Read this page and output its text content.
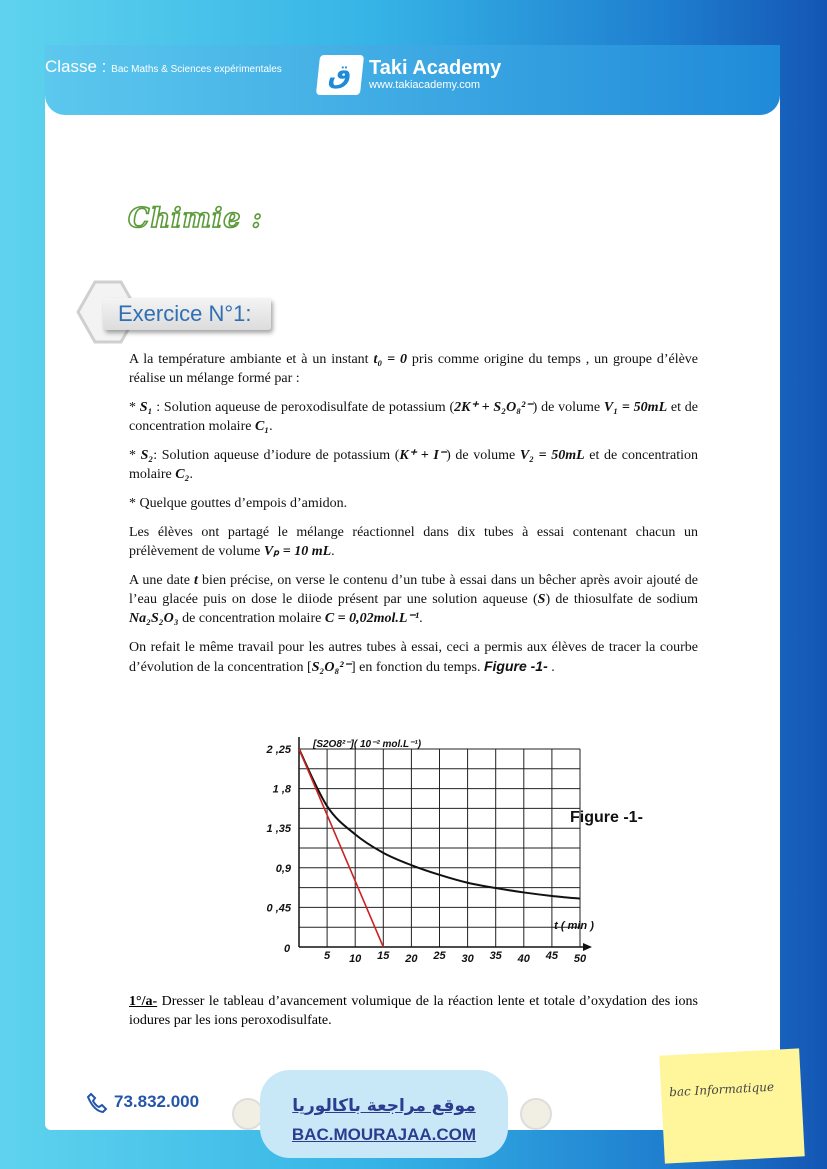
Classe : Bac Maths & Sciences expérimentales	ق Taki Academy
www.takiacademy.com
Chimie :
Exercice N°1:

A la température ambiante et à un instant t₀ = 0 pris comme origine du temps , un groupe d’élève réalise un mélange formé par :

* S₁ : Solution aqueuse de peroxodisulfate de potassium (2K⁺ + S₂O₈²⁻) de volume V₁ = 50mL et de concentration molaire C₁.

* S₂: Solution aqueuse d’iodure de potassium (K⁺ + I⁻) de volume V₂ = 50mL et de concentration molaire C₂.

* Quelque gouttes d’empois d’amidon.

Les élèves ont partagé le mélange réactionnel dans dix tubes à essai contenant chacun un prélèvement de volume Vₚ = 10 mL.

A une date t bien précise, on verse le contenu d’un tube à essai dans un bêcher après avoir ajouté de l’eau glacée puis on dose le diiode présent par une solution aqueuse (S) de thiosulfate de sodium Na₂S₂O₃ de concentration molaire C = 0,02mol.L⁻¹.

On refait le même travail pour les autres tubes à essai, ceci a permis aux élèves de tracer la courbe d’évolution de la concentration [S₂O₈²⁻] en fonction du temps. Figure -1- .

0
5 10 15 20 25 30 35 40 45 50
0 ,45
0,9
1 ,35
1 ,8
2 ,25 [S2O8²⁻]( 10⁻² mol.L⁻¹)
t ( min )
Figure -1-
1°/a- Dresser le tableau d’avancement volumique de la réaction lente et totale d’oxydation des ions iodures par les ions peroxodisulfate.
73.832.000	موقع مراجعة باكالوريا
BAC.MOURAJAA.COM
bac Informatique
